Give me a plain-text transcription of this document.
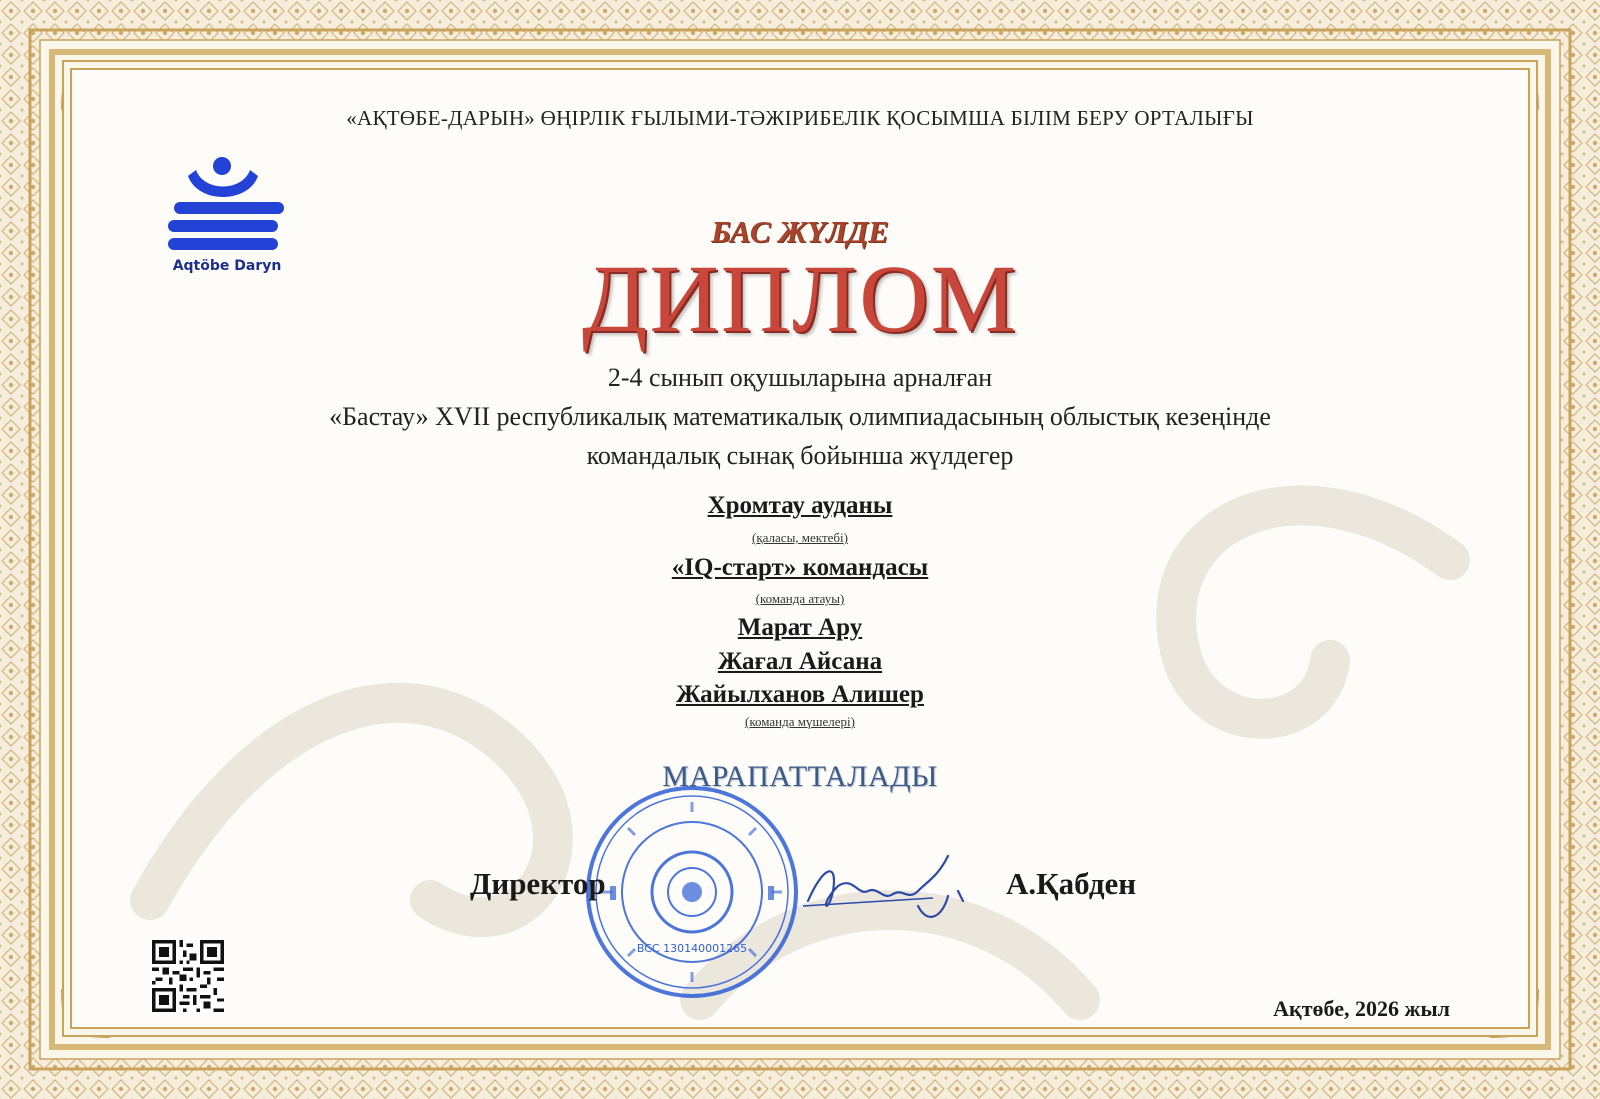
«АҚТӨБЕ-ДАРЫН» ӨҢІРЛІК ҒЫЛЫМИ-ТӘЖІРИБЕЛІК ҚОСЫМША БІЛІМ БЕРУ ОРТАЛЫҒЫ
Aqtöbe Daryn
БАС ЖҮЛДЕ
ДИПЛОМ
2-4 сынып оқушыларына арналған
«Бастау» XVII республикалық математикалық олимпиадасының облыстық кезеңінде
командалық сынақ бойынша жүлдегер
Хромтау ауданы
(қаласы, мектебі)
«IQ-старт» командасы
(команда атауы)
Марат Ару
Жағал Айсана
Жайылханов Алишер
(команда мүшелері)
МАРАПАТТАЛАДЫ
BCC 130140001265
Директор	А.Қабден
Ақтөбе, 2026 жыл
